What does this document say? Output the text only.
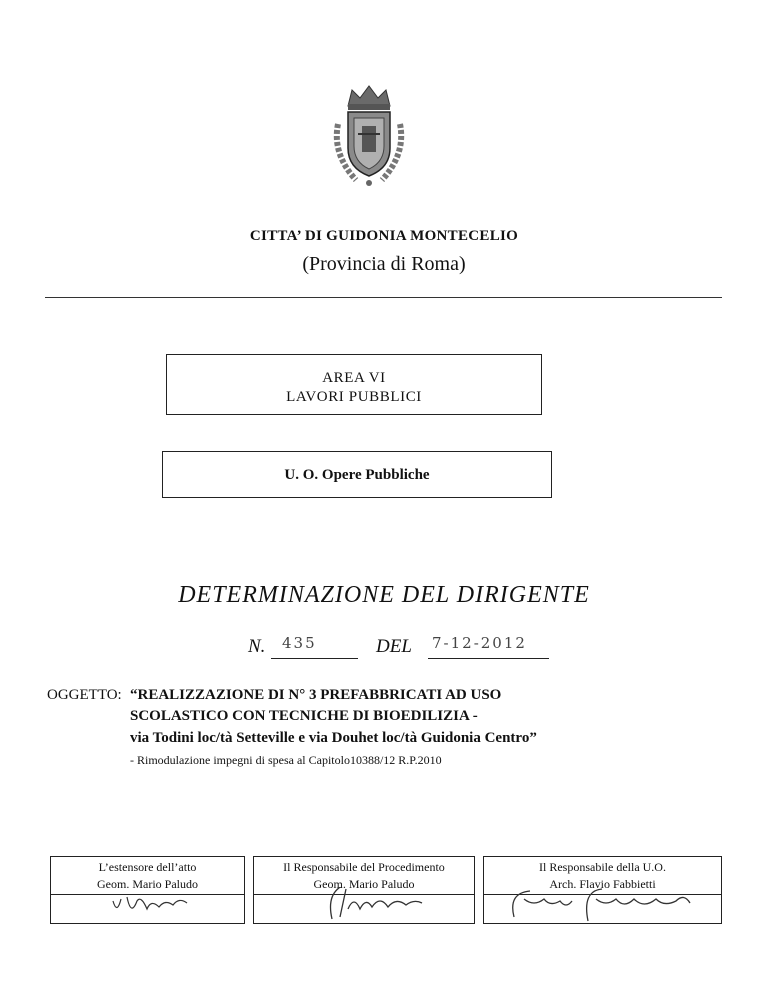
CITTA’ DI GUIDONIA MONTECELIO
(Provincia di Roma)
AREA VI
LAVORI PUBBLICI
U. O. Opere Pubbliche
DETERMINAZIONE DEL DIRIGENTE
N. 435	DEL 7-12-2012
OGGETTO: “REALIZZAZIONE DI N° 3 PREFABBRICATI AD USO
SCOLASTICO CON TECNICHE DI BIOEDILIZIA -
via Todini loc/tà Setteville e via Douhet loc/tà Guidonia Centro”
- Rimodulazione impegni di spesa al Capitolo10388/12 R.P.2010
L’estensore dell’atto
Geom. Mario Paludo
Il Responsabile del Procedimento
Geom. Mario Paludo
Il Responsabile della U.O.
Arch. Flavio Fabbietti
